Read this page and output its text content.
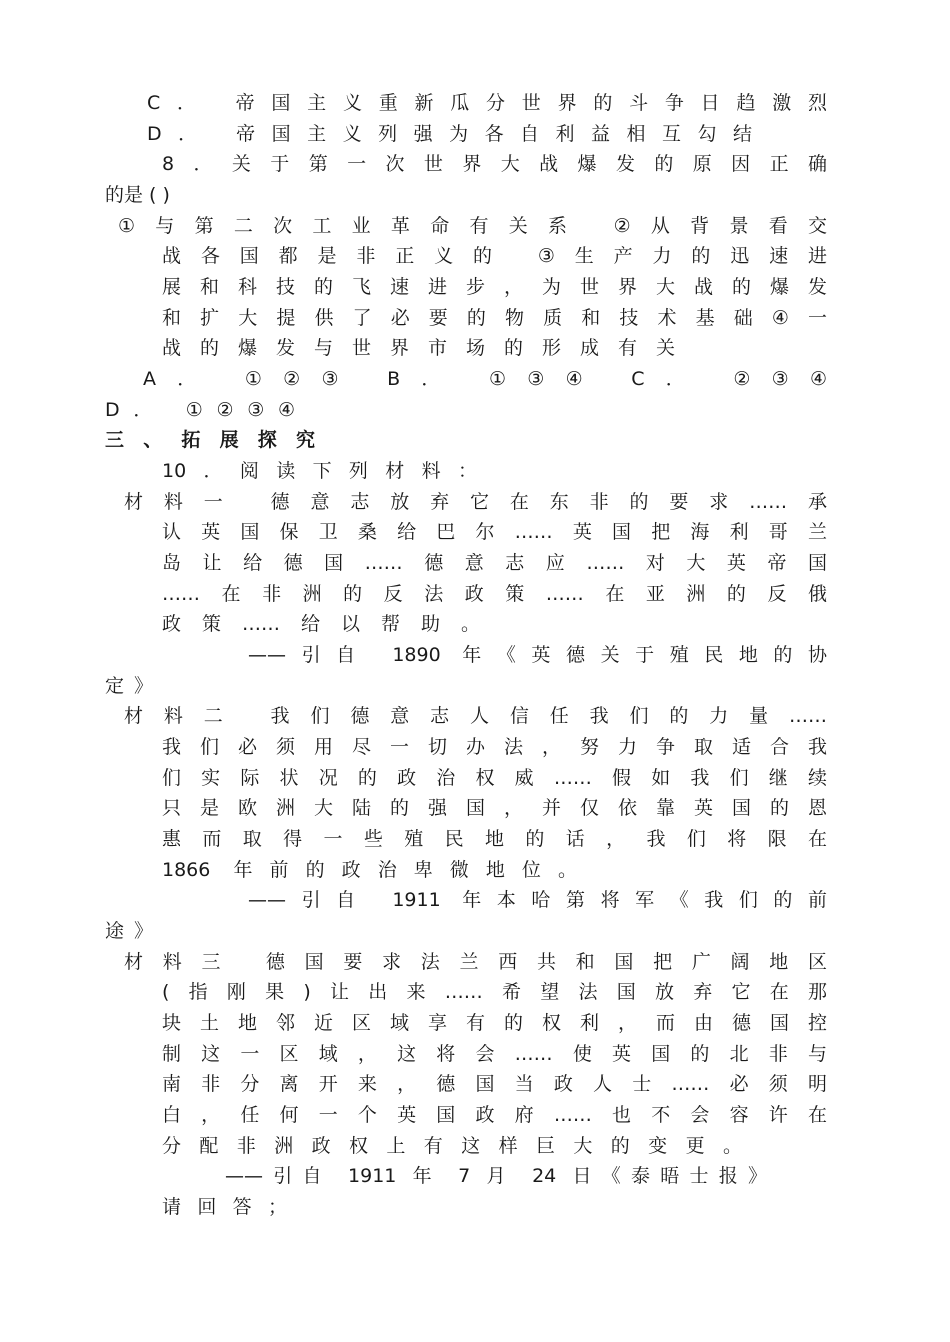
C． 帝国主义重新瓜分世界的斗争日趋激烈
D． 帝国主义列强为各自利益相互勾结
8．关于第一次世界大战爆发的原因正确
的是 ( )
①与第二次工业革命有关系 ②从背景看交
战各国都是非正义的 ③生产力的迅速进
展和科技的飞速进步，为世界大战的爆发
和扩大提供了必要的物质和技术基础④一
战的爆发与世界市场的形成有关
A． ①②③ B． ①③④ C． ②③④
D． ①②③④
三、拓展探究
10．阅读下列材料：
材料一 德意志放弃它在东非的要求……承
认英国保卫桑给巴尔……英国把海利哥兰
岛让给德国……德意志应……对大英帝国
……在非洲的反法政策……在亚洲的反俄
政策……给以帮助。
——引自 1890 年《英德关于殖民地的协
定》
材料二 我们德意志人信任我们的力量……
我们必须用尽一切办法，努力争取适合我
们实际状况的政治权威……假如我们继续
只是欧洲大陆的强国，并仅依靠英国的恩
惠而取得一些殖民地的话，我们将限在
1866 年前的政治卑微地位。
——引自 1911 年本哈第将军《我们的前
途》
材料三 德国要求法兰西共和国把广阔地区
(指刚果)让出来……希望法国放弃它在那
块土地邻近区域享有的权利，而由德国控
制这一区域，这将会……使英国的北非与
南非分离开来，德国当政人士……必须明
白，任何一个英国政府……也不会容许在
分配非洲政权上有这样巨大的变更。
——引自 1911 年 7 月 24 日《泰晤士报》
请回答；
